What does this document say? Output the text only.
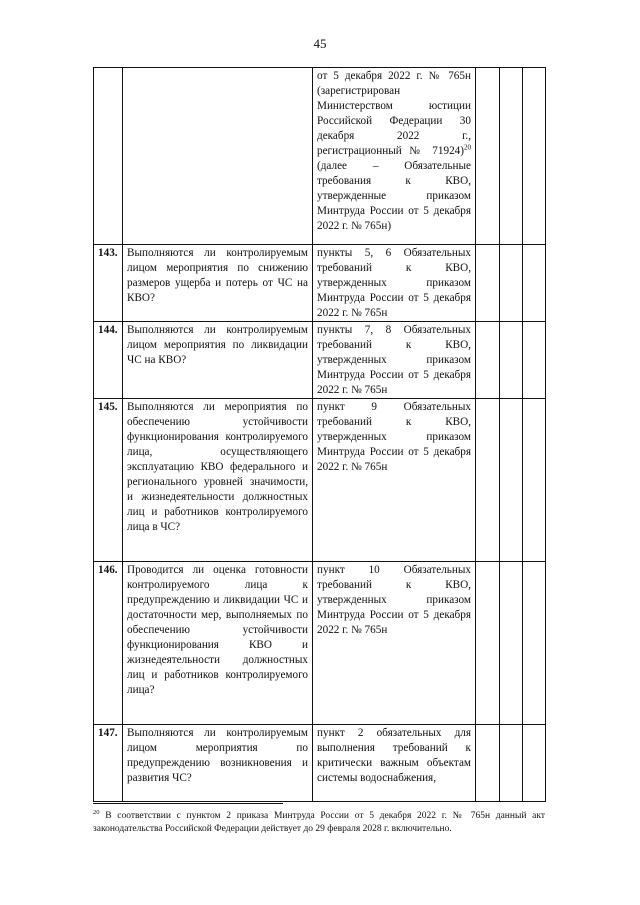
45
		от 5 декабря 2022 г. № 765н (зарегистрирован Министерством юстиции Российской Федерации 30 декабря 2022 г., регистрационный № 71924)$^{20}$ (далее – Обязательные требования к КВО, утвержденные приказом Минтруда России от 5 декабря 2022 г. № 765н)			
143.	Выполняются ли контролируемым лицом мероприятия по снижению размеров ущерба и потерь от ЧС на КВО?	пункты 5, 6 Обязательных требований к КВО, утвержденных приказом Минтруда России от 5 декабря 2022 г. № 765н			
144.	Выполняются ли контролируемым лицом мероприятия по ликвидации ЧС на КВО?	пункты 7, 8 Обязательных требований к КВО, утвержденных приказом Минтруда России от 5 декабря 2022 г. № 765н			
145.	Выполняются ли мероприятия по обеспечению устойчивости функционирования контролируемого лица, осуществляющего эксплуатацию КВО федерального и регионального уровней значимости, и жизнедеятельности должностных лиц и работников контролируемого лица в ЧС?	пункт 9 Обязательных требований к КВО, утвержденных приказом Минтруда России от 5 декабря 2022 г. № 765н			
146.	Проводится ли оценка готовности контролируемого лица к предупреждению и ликвидации ЧС и достаточности мер, выполняемых по обеспечению устойчивости функционирования КВО и жизнедеятельности должностных лиц и работников контролируемого лица?	пункт 10 Обязательных требований к КВО, утвержденных приказом Минтруда России от 5 декабря 2022 г. № 765н			
147.	Выполняются ли контролируемым лицом мероприятия по предупреждению возникновения и развития ЧС?	пункт 2 обязательных для выполнения требований к критически важным объектам системы водоснабжения,			
$^{20}$ В соответствии с пунктом 2 приказа Минтруда России от 5 декабря 2022 г. № 765н данный акт законодательства Российской Федерации действует до 29 февраля 2028 г. включительно.
